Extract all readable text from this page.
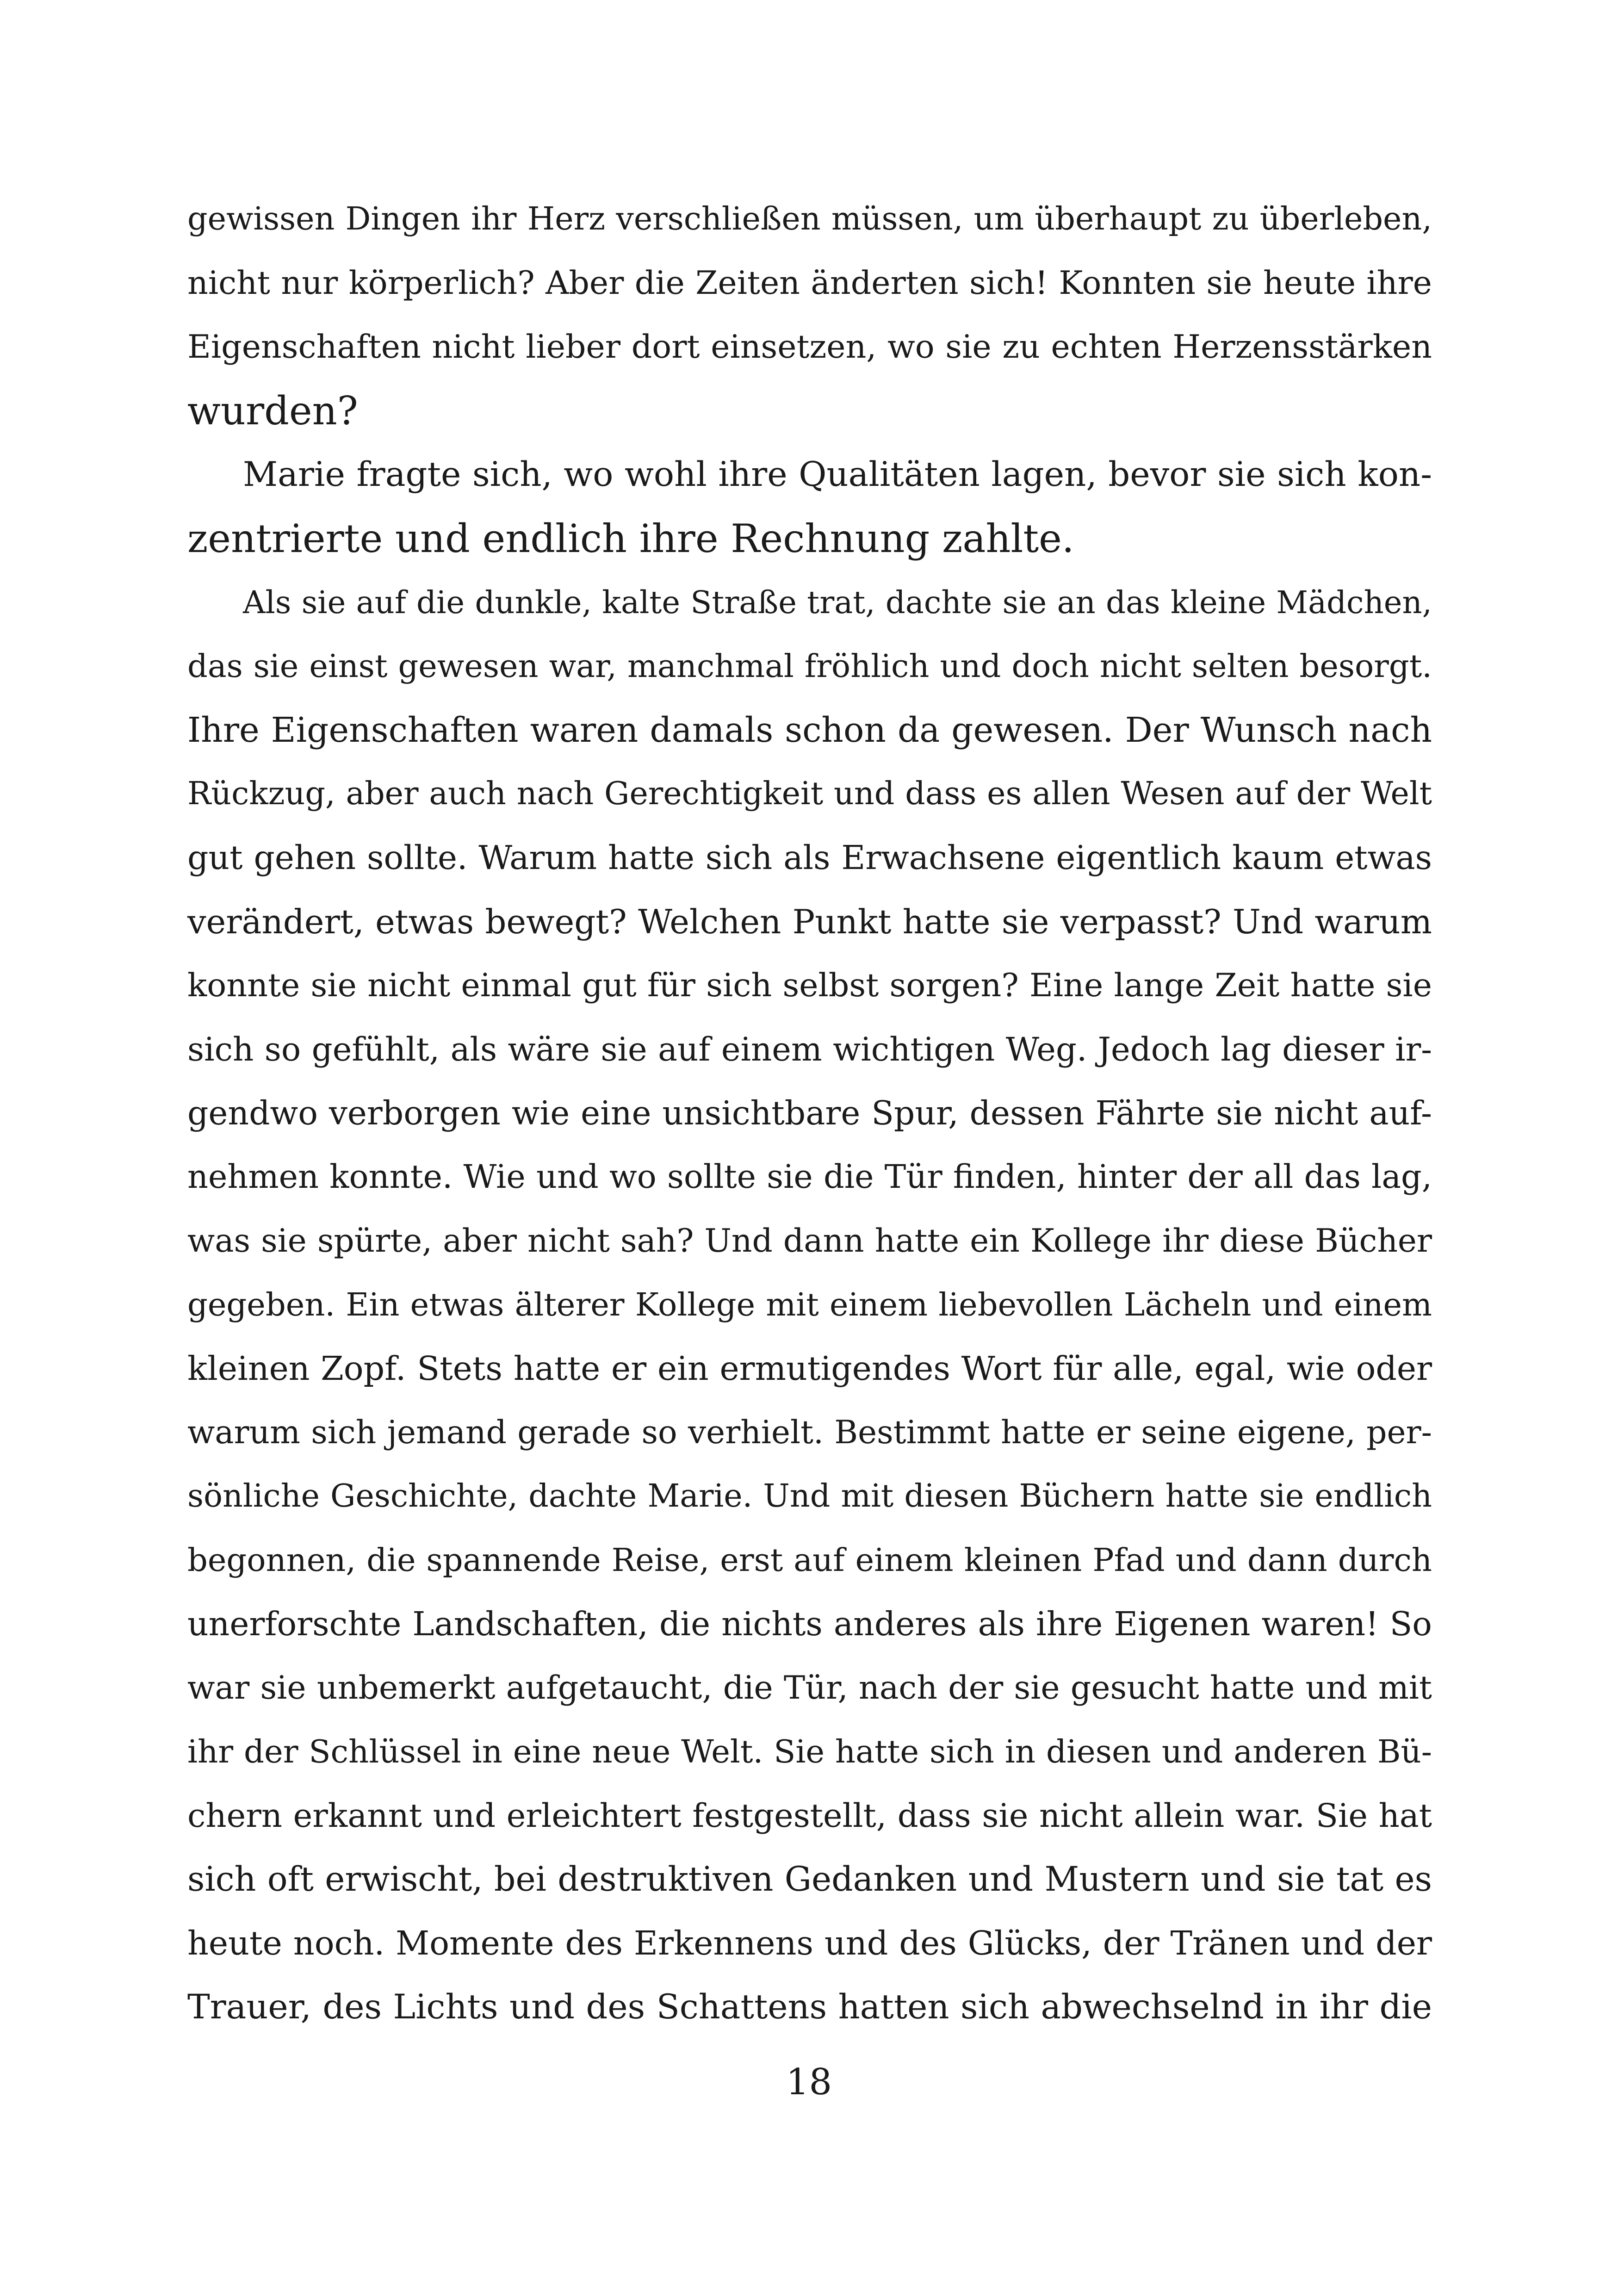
gewissen Dingen ihr Herz verschließen müssen, um überhaupt zu überleben,
nicht nur körperlich? Aber die Zeiten änderten sich! Konnten sie heute ihre
Eigenschaften nicht lieber dort einsetzen, wo sie zu echten Herzensstärken
wurden?
Marie fragte sich, wo wohl ihre Qualitäten lagen, bevor sie sich kon-
zentrierte und endlich ihre Rechnung zahlte.
Als sie auf die dunkle, kalte Straße trat, dachte sie an das kleine Mädchen,
das sie einst gewesen war, manchmal fröhlich und doch nicht selten besorgt.
Ihre Eigenschaften waren damals schon da gewesen. Der Wunsch nach
Rückzug, aber auch nach Gerechtigkeit und dass es allen Wesen auf der Welt
gut gehen sollte. Warum hatte sich als Erwachsene eigentlich kaum etwas
verändert, etwas bewegt? Welchen Punkt hatte sie verpasst? Und warum
konnte sie nicht einmal gut für sich selbst sorgen? Eine lange Zeit hatte sie
sich so gefühlt, als wäre sie auf einem wichtigen Weg. Jedoch lag dieser ir-
gendwo verborgen wie eine unsichtbare Spur, dessen Fährte sie nicht auf-
nehmen konnte. Wie und wo sollte sie die Tür finden, hinter der all das lag,
was sie spürte, aber nicht sah? Und dann hatte ein Kollege ihr diese Bücher
gegeben. Ein etwas älterer Kollege mit einem liebevollen Lächeln und einem
kleinen Zopf. Stets hatte er ein ermutigendes Wort für alle, egal, wie oder
warum sich jemand gerade so verhielt. Bestimmt hatte er seine eigene, per-
sönliche Geschichte, dachte Marie. Und mit diesen Büchern hatte sie endlich
begonnen, die spannende Reise, erst auf einem kleinen Pfad und dann durch
unerforschte Landschaften, die nichts anderes als ihre Eigenen waren! So
war sie unbemerkt aufgetaucht, die Tür, nach der sie gesucht hatte und mit
ihr der Schlüssel in eine neue Welt. Sie hatte sich in diesen und anderen Bü-
chern erkannt und erleichtert festgestellt, dass sie nicht allein war. Sie hat
sich oft erwischt, bei destruktiven Gedanken und Mustern und sie tat es
heute noch. Momente des Erkennens und des Glücks, der Tränen und der
Trauer, des Lichts und des Schattens hatten sich abwechselnd in ihr die
18
